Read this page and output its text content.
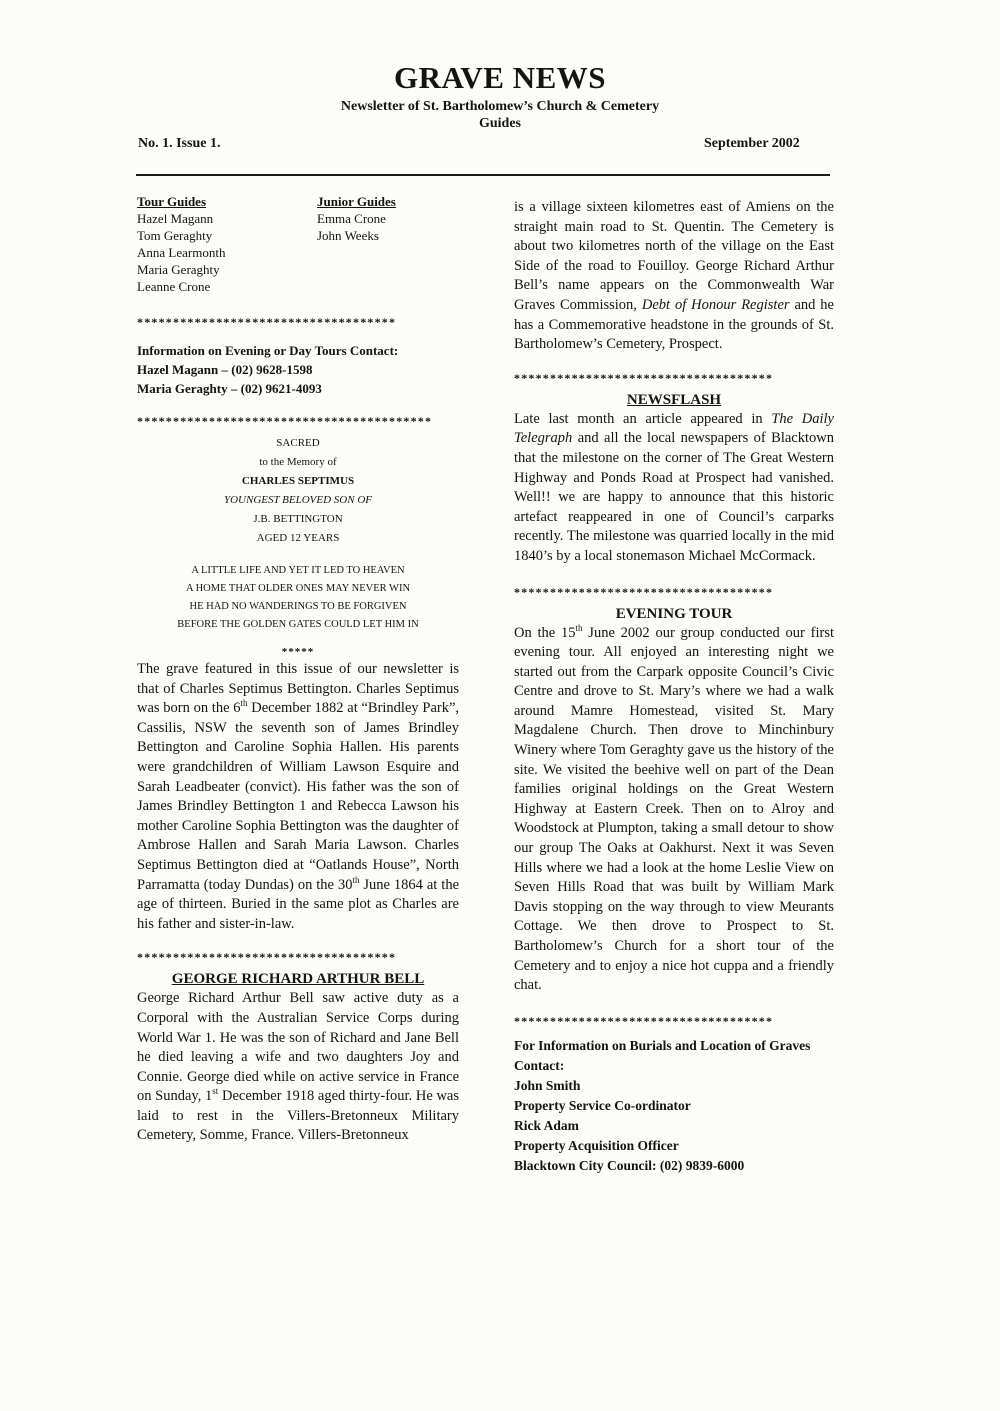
GRAVE NEWS
Newsletter of St. Bartholomew’s Church & Cemetery
Guides
No. 1. Issue 1.	September 2002
Tour Guides
Hazel Magann
Tom Geraghty
Anna Learmonth
Maria Geraghty
Leanne Crone
Junior Guides
Emma Crone
John Weeks
************************************
Information on Evening or Day Tours Contact:
Hazel Magann – (02) 9628-1598
Maria Geraghty – (02) 9621-4093
*****************************************
SACRED
to the Memory of
CHARLES SEPTIMUS
YOUNGEST BELOVED SON OF
J.B. BETTINGTON
AGED 12 YEARS
A LITTLE LIFE AND YET IT LED TO HEAVEN
A HOME THAT OLDER ONES MAY NEVER WIN
HE HAD NO WANDERINGS TO BE FORGIVEN
BEFORE THE GOLDEN GATES COULD LET HIM IN
*****

The grave featured in this issue of our newsletter is that of Charles Septimus Bettington. Charles Septimus was born on the 6th December 1882 at “Brindley Park”, Cassilis, NSW the seventh son of James Brindley Bettington and Caroline Sophia Hallen. His parents were grandchildren of William Lawson Esquire and Sarah Leadbeater (convict). His father was the son of James Brindley Bettington 1 and Rebecca Lawson his mother Caroline Sophia Bettington was the daughter of Ambrose Hallen and Sarah Maria Lawson. Charles Septimus Bettington died at “Oatlands House”, North Parramatta (today Dundas) on the 30th June 1864 at the age of thirteen. Buried in the same plot as Charles are his father and sister-in-law.

************************************

GEORGE RICHARD ARTHUR BELL

George Richard Arthur Bell saw active duty as a Corporal with the Australian Service Corps during World War 1. He was the son of Richard and Jane Bell he died leaving a wife and two daughters Joy and Connie. George died while on active service in France on Sunday, 1st December 1918 aged thirty-four. He was laid to rest in the Villers-Bretonneux Military Cemetery, Somme, France. Villers-Bretonneux

is a village sixteen kilometres east of Amiens on the straight main road to St. Quentin. The Cemetery is about two kilometres north of the village on the East Side of the road to Fouilloy. George Richard Arthur Bell’s name appears on the Commonwealth War Graves Commission, Debt of Honour Register and he has a Commemorative headstone in the grounds of St. Bartholomew’s Cemetery, Prospect.

************************************

NEWSFLASH

Late last month an article appeared in The Daily Telegraph and all the local newspapers of Blacktown that the milestone on the corner of The Great Western Highway and Ponds Road at Prospect had vanished. Well!! we are happy to announce that this historic artefact reappeared in one of Council’s carparks recently. The milestone was quarried locally in the mid 1840’s by a local stonemason Michael McCormack.

************************************

EVENING TOUR

On the 15th June 2002 our group conducted our first evening tour. All enjoyed an interesting night we started out from the Carpark opposite Council’s Civic Centre and drove to St. Mary’s where we had a walk around Mamre Homestead, visited St. Mary Magdalene Church. Then drove to Minchinbury Winery where Tom Geraghty gave us the history of the site. We visited the beehive well on part of the Dean families original holdings on the Great Western Highway at Eastern Creek. Then on to Alroy and Woodstock at Plumpton, taking a small detour to show our group The Oaks at Oakhurst. Next it was Seven Hills where we had a look at the home Leslie View on Seven Hills Road that was built by William Mark Davis stopping on the way through to view Meurants Cottage. We then drove to Prospect to St. Bartholomew’s Church for a short tour of the Cemetery and to enjoy a nice hot cuppa and a friendly chat.

************************************
For Information on Burials and Location of Graves Contact:
John Smith
Property Service Co-ordinator
Rick Adam
Property Acquisition Officer
Blacktown City Council: (02) 9839-6000
